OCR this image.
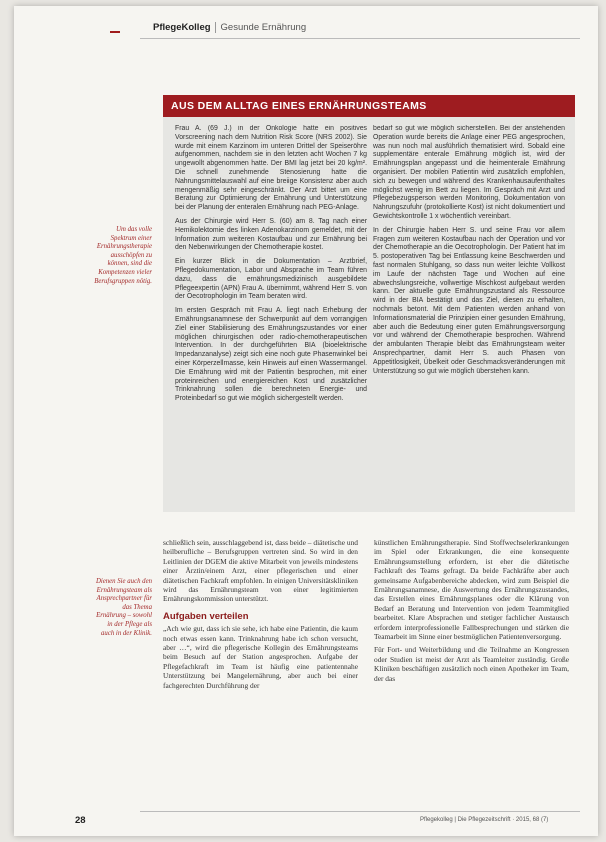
PflegeKolleg Gesunde Ernährung
AUS DEM ALLTAG EINES ERNÄHRUNGSTEAMS

Frau A. (69 J.) in der Onkologie hatte ein positives Vorscreening nach dem Nutrition Risk Score (NRS 2002). Sie wurde mit einem Karzinom im unteren Drittel der Speiseröhre aufgenommen, nachdem sie in den letzten acht Wochen 7 kg ungewollt abgenommen hatte. Der BMI lag jetzt bei 20 kg/m². Die schnell zunehmende Stenosierung hatte die Nahrungsmittelauswahl auf eine breiige Konsistenz aber auch mengenmäßig sehr eingeschränkt. Der Arzt bittet um eine Beratung zur Optimierung der Ernährung und Unterstützung bei der Planung der enteralen Ernährung nach PEG-Anlage.

Aus der Chirurgie wird Herr S. (60) am 8. Tag nach einer Hemikolektomie des linken Adenokarzinom gemeldet, mit der Information zum weiteren Kostaufbau und zur Ernährung bei den Nebenwirkungen der Chemotherapie kostet.

Ein kurzer Blick in die Dokumentation – Arztbrief, Pflegedokumentation, Labor und Absprache im Team führen dazu, dass die ernährungsmedizinisch ausgebildete Pflegeexpertin (APN) Frau A. übernimmt, während Herr S. von der Oecotrophologin im Team beraten wird.

Im ersten Gespräch mit Frau A. liegt nach Erhebung der Ernährungsanamnese der Schwerpunkt auf dem vorrangigen Ziel einer Stabilisierung des Ernährungszustandes vor einer möglichen chirurgischen oder radio-chemotherapeutischen Intervention. In der durchgeführten BIA (bioelektrische Impedanzanalyse) zeigt sich eine noch gute Phasenwinkel bei einer Körperzellmasse, kein Hinweis auf einen Wassermangel. Die Ernährung wird mit der Patientin besprochen, mit einer proteinreichen und energiereichen Kost und zusätzlicher Trinknahrung sollen die berechneten Energie- und Proteinbedarf so gut wie möglich sichergestellt werden.

bedarf so gut wie möglich sicherstellen. Bei der anstehenden Operation wurde bereits die Anlage einer PEG angesprochen, was nun noch mal ausführlich thematisiert wird. Sobald eine supplementäre enterale Ernährung möglich ist, wird der Ernährungsplan angepasst und die heimenterale Ernährung organisiert. Der mobilen Patientin wird zusätzlich empfohlen, sich zu bewegen und während des Krankenhausaufenthaltes möglichst wenig im Bett zu liegen. Im Gespräch mit Arzt und Pflegebezugsperson werden Monitoring, Dokumentation von Nahrungszufuhr (protokollierte Kost) ist nicht dokumentiert und Gewichtskontrolle 1 x wöchentlich vereinbart.

In der Chirurgie haben Herr S. und seine Frau vor allem Fragen zum weiteren Kostaufbau nach der Operation und vor der Chemotherapie an die Oecotrophologin. Der Patient hat im 5. postoperativen Tag bei Entlassung keine Beschwerden und fast normalen Stuhlgang, so dass nun weiter leichte Vollkost im Laufe der nächsten Tage und Wochen auf eine abwechslungsreiche, vollwertige Mischkost aufgebaut werden kann. Der aktuelle gute Ernährungszustand als Ressource wird in der BIA bestätigt und das Ziel, diesen zu erhalten, nochmals betont. Mit dem Patienten werden anhand von Informationsmaterial die Prinzipien einer gesunden Ernährung, aber auch die Bedeutung einer guten Ernährungsversorgung vor und während der Chemotherapie besprochen. Während der ambulanten Therapie bleibt das Ernährungsteam weiter Ansprechpartner, damit Herr S. auch Phasen von Appetitlosigkeit, Übelkeit oder Geschmacksveränderungen mit Unterstützung so gut wie möglich überstehen kann.

Um das volle Spektrum einer Ernährungstherapie ausschöpfen zu können, sind die Kompetenzen vieler Berufsgruppen nötig.
Dienen Sie auch den Ernährungsteam als Ansprechpartner für das Thema Ernährung – sowohl in der Pflege als auch in der Klinik.

schließlich sein, ausschlaggebend ist, dass beide – diätetische und heilberufliche – Berufsgruppen vertreten sind. So wird in den Leitlinien der DGEM die aktive Mitarbeit von jeweils mindestens einer Ärztin/einem Arzt, einer pflegerischen und einer diätetischen Fachkraft empfohlen. In einigen Universitätskliniken wird das Ernährungsteam von einer legitimierten Ernährungskommission unterstützt.

Aufgaben verteilen

„Ach wie gut, dass ich sie sehe, ich habe eine Patientin, die kaum noch etwas essen kann. Trinknahrung habe ich schon versucht, aber …“, wird die pflegerische Kollegin des Ernährungsteams beim Besuch auf der Station angesprochen. Aufgabe der Pflegefachkraft im Team ist häufig eine patientennahe Unterstützung bei Mangelernährung, aber auch bei einer fachgerechten Durchführung der

künstlichen Ernährungstherapie. Sind Stoffwechselerkrankungen im Spiel oder Erkrankungen, die eine konsequente Ernährungsumstellung erfordern, ist eher die diätetische Fachkraft des Teams gefragt. Da beide Fachkräfte aber auch gemeinsame Aufgabenbereiche abdecken, wird zum Beispiel die Ernährungsanamnese, die Auswertung des Ernährungszustandes, das Erstellen eines Ernährungsplanes oder die Klärung von Bedarf an Beratung und Intervention von jedem Teammitglied bearbeitet. Klare Absprachen und stetiger fachlicher Austausch erfordern interprofessionelle Fallbesprechungen und stärken die Teamarbeit im Sinne einer bestmöglichen Patientenversorgung.

Für Fort- und Weiterbildung und die Teilnahme an Kongressen oder Studien ist meist der Arzt als Teamleiter zuständig. Große Kliniken beschäftigen zusätzlich noch einen Apotheker im Team, der das

28	Pflegekolleg | Die Pflegezeitschrift · 2015, 68 (7)
